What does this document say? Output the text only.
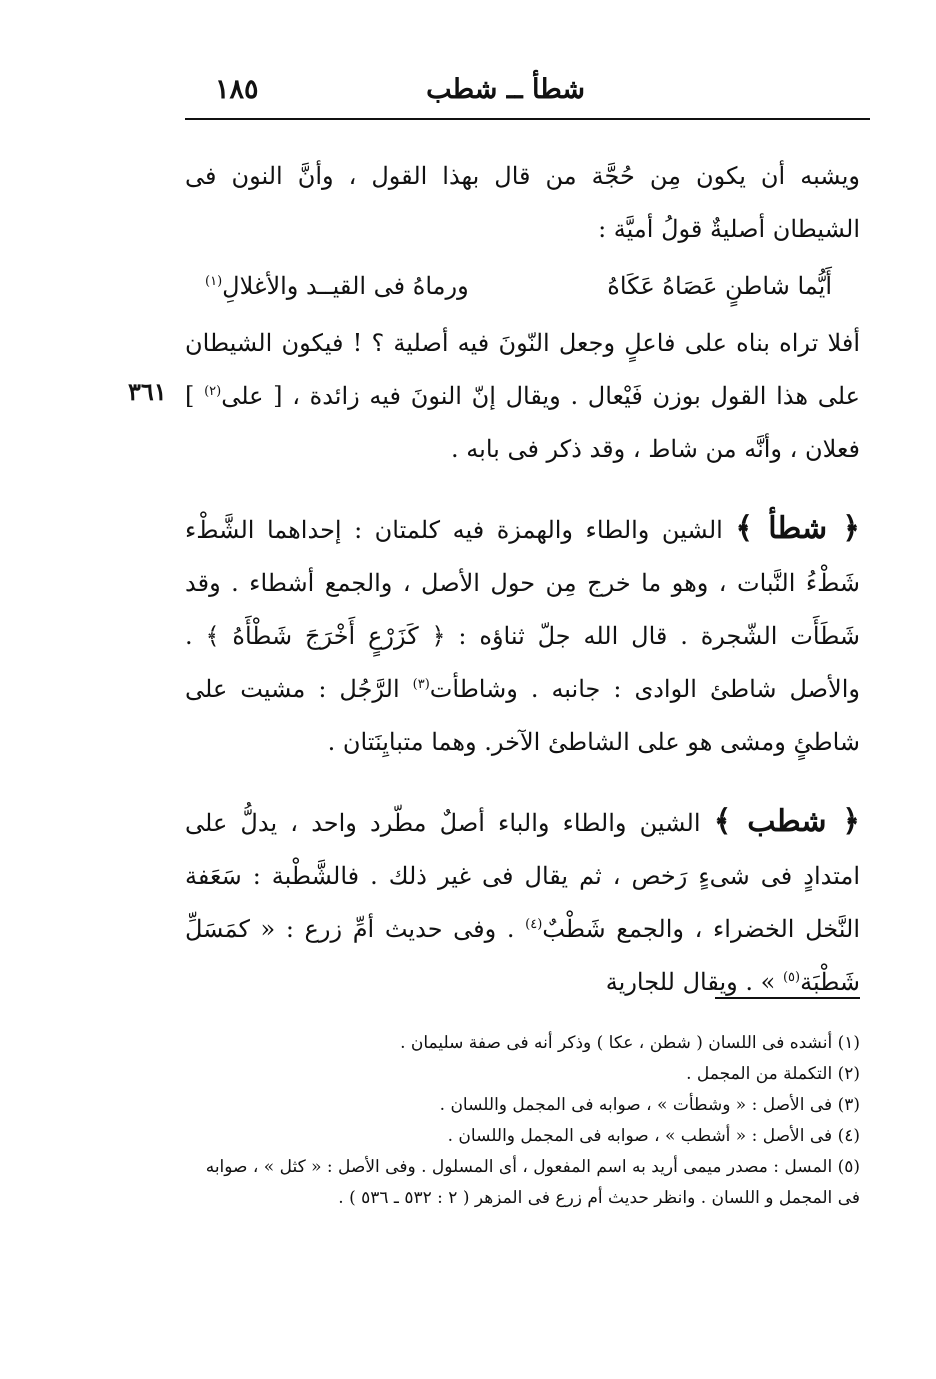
شطأ ــ شطب
١٨٥
٣٦١

ويشبه أن يكون مِن حُجَّة من قال بهذا القول ، وأنَّ النون فى الشيطان أصليةٌ قولُ أميَّة :

أَيُّما شاطنٍ عَصَاهُ عَكَاهُ
ورماهُ فى القيــد والأغلالِ$^{(١)}$

أفلا تراه بناه على فاعلٍ وجعل النّونَ فيه أصلية ؟ ! فيكون الشيطان على هذا القول بوزن فَيْعال . ويقال إنّ النونَ فيه زائدة ، [ على$^{(٢)}$ ] فعلان ، وأنَّه من شاط ، وقد ذكر فى بابه .

﴿ شطأ ﴾ الشين والطاء والهمزة فيه كلمتان : إحداهما الشَّطْء شَطْءُ النَّبات ، وهو ما خرج مِن حول الأصل ، والجمع أشطاء . وقد شَطَأَت الشّجرة . قال الله جلّ ثناؤه : ﴿ كَزَرْعٍ أَخْرَجَ شَطْأَهُ ﴾ . والأصل شاطئ الوادى : جانبه . وشاطأت$^{(٣)}$ الرَّجُل : مشيت على شاطئٍ ومشى هو على الشاطئ الآخر. وهما متبايِنَتان .

﴿ شطب ﴾ الشين والطاء والباء أصلٌ مطّرد واحد ، يدلُّ على امتدادٍ فى شىءٍ رَخص ، ثم يقال فى غير ذلك . فالشَّطْبة : سَعَفة النَّخل الخضراء ، والجمع شَطْبٌ$^{(٤)}$ . وفى حديث أمِّ زرع : « كمَسَلِّ شَطْبَة$^{(٥)}$ » . ويقال للجارية

(١) أنشده فى اللسان ( شطن ، عكا ) وذكر أنه فى صفة سليمان .
(٢) التكملة من المجمل .
(٣) فى الأصل : « وشطأت » ، صوابه فى المجمل واللسان .
(٤) فى الأصل : « أشطب » ، صوابه فى المجمل واللسان .
(٥) المسل : مصدر ميمى أريد به اسم المفعول ، أى المسلول . وفى الأصل : « كثل » ، صوابه
فى المجمل و اللسان . وانظر حديث أم زرع فى المزهر ( ٢ : ٥٣٢ ـ ٥٣٦ ) .
